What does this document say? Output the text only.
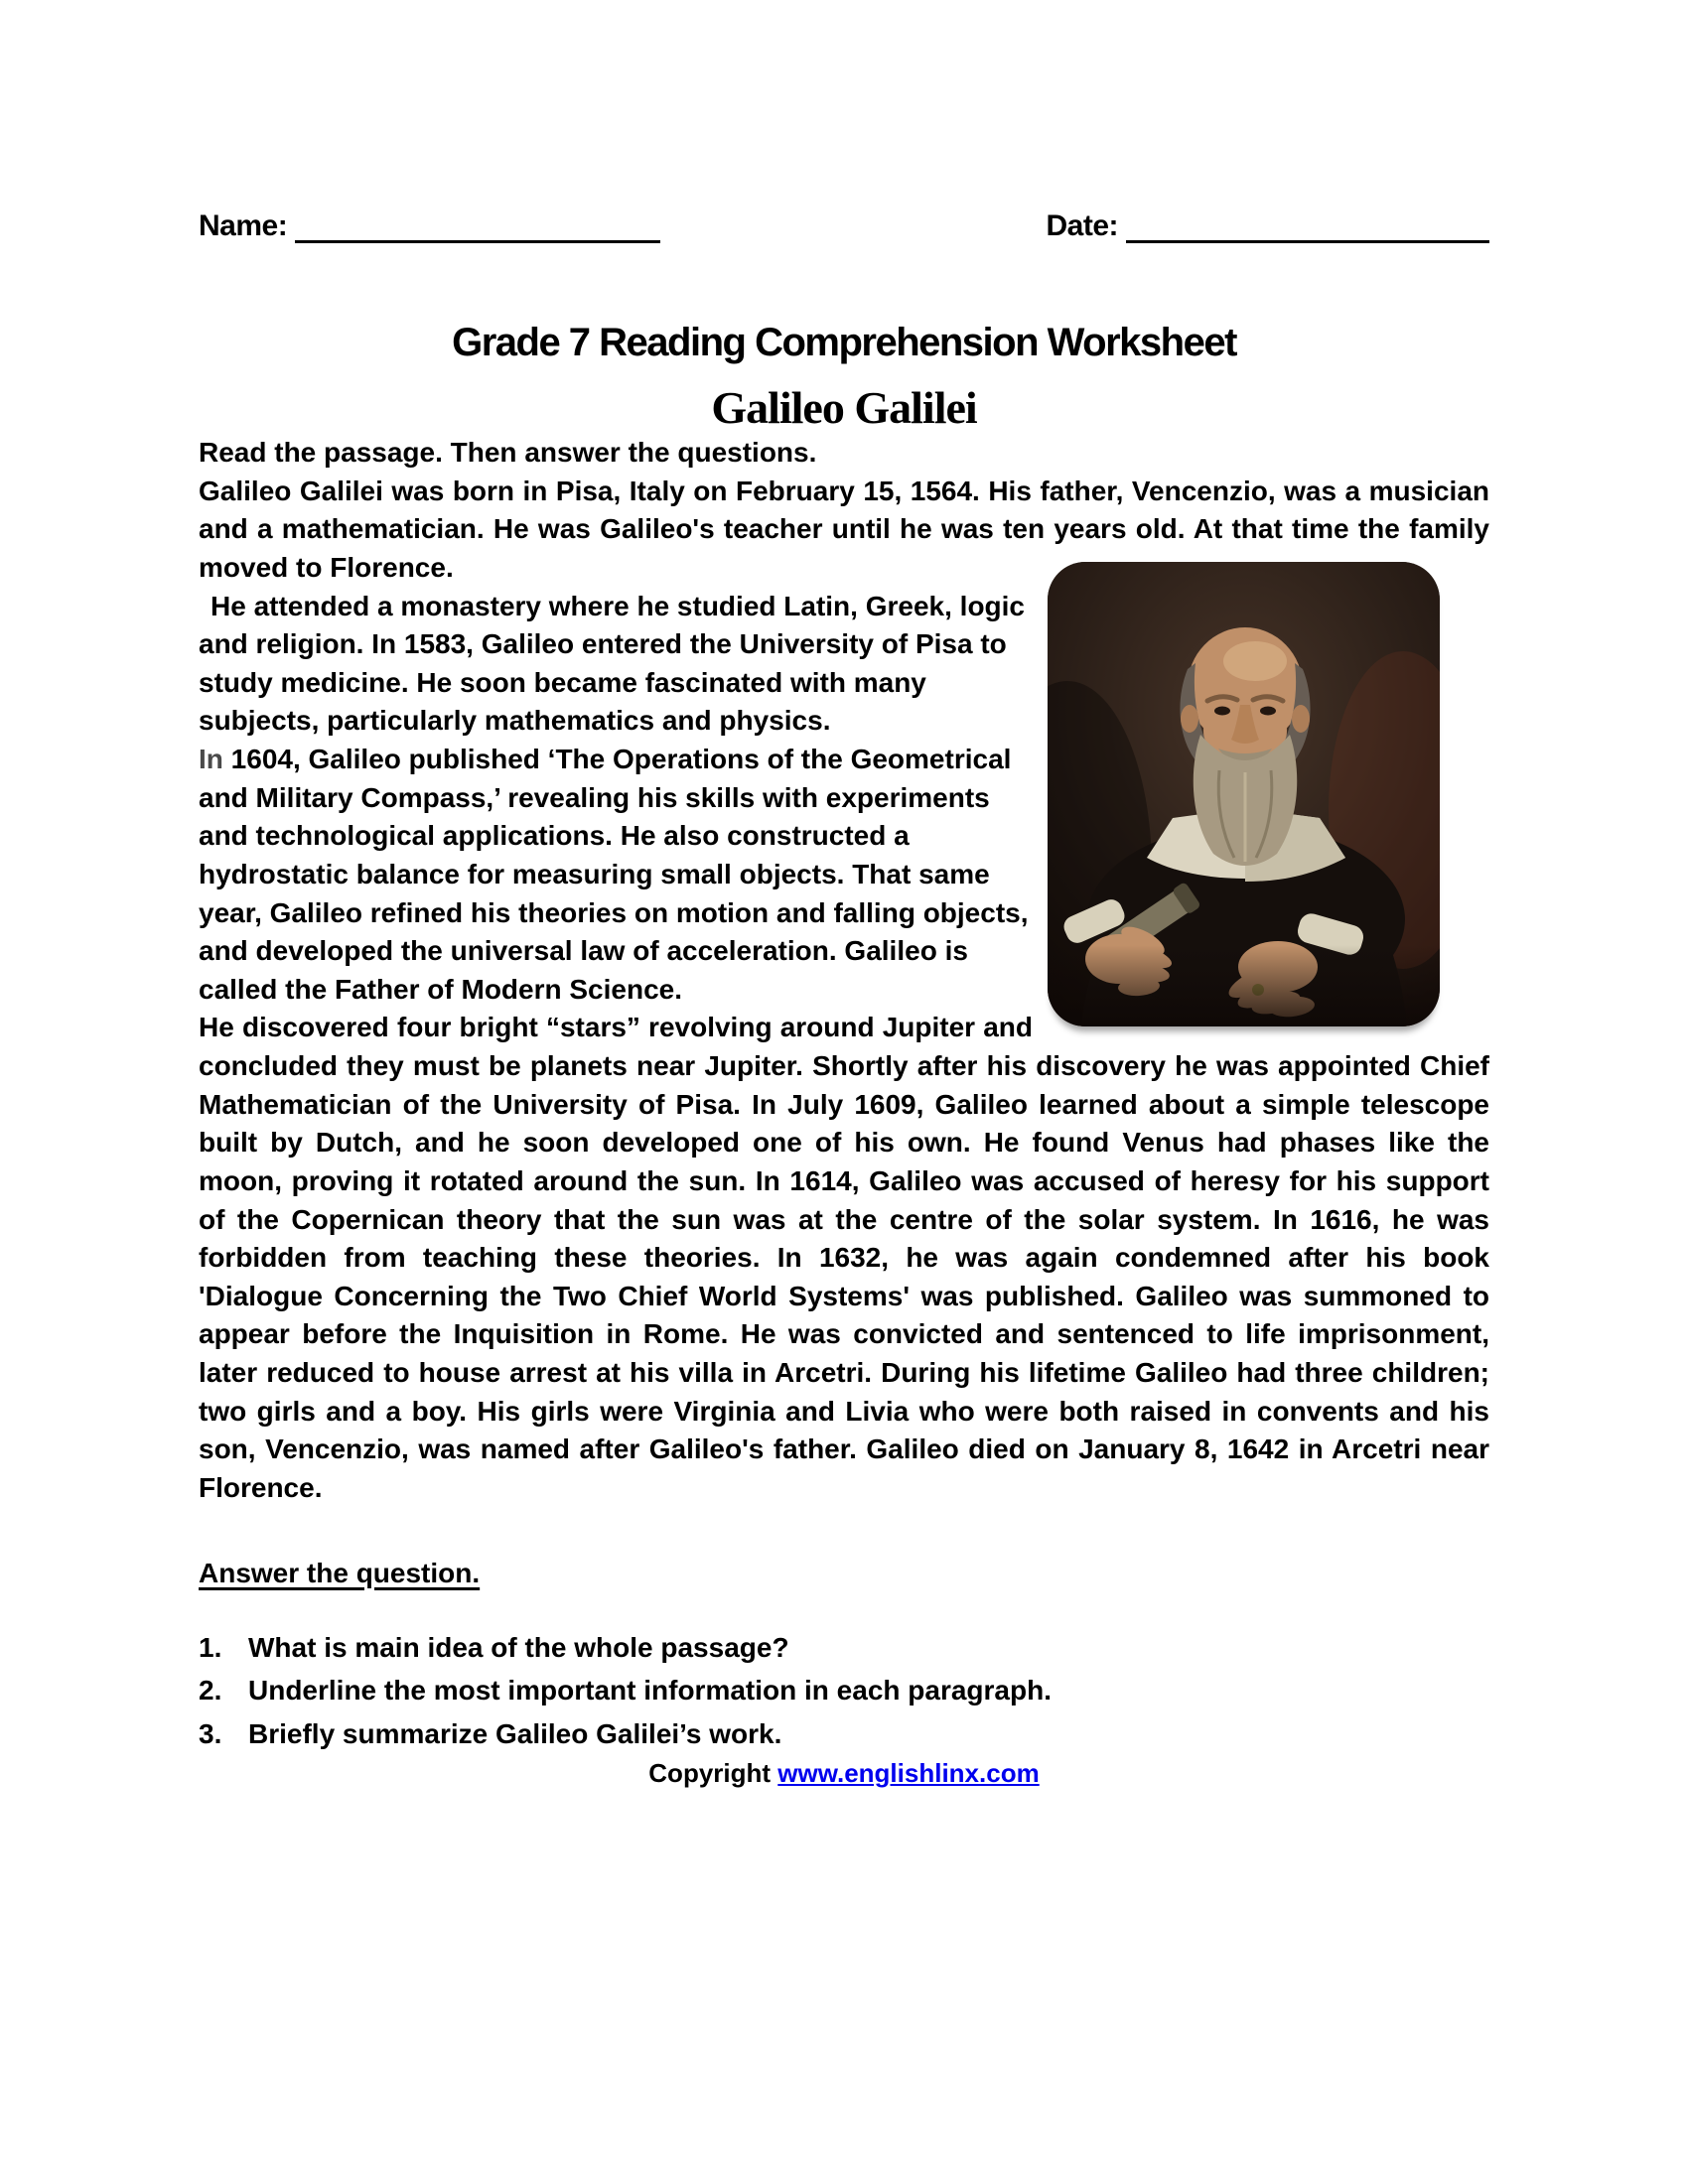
Name:	Date:
Grade 7 Reading Comprehension Worksheet
Galileo Galilei

Read the passage. Then answer the questions.

Galileo Galilei was born in Pisa, Italy on February 15, 1564. His father, Vencenzio, was a musician and a mathematician. He was Galileo's teacher until he was ten years old. At that time the family moved to Florence.

He attended a monastery where he studied Latin, Greek, logic and religion. In 1583, Galileo entered the University of Pisa to study medicine. He soon became fascinated with many subjects, particularly mathematics and physics.

In 1604, Galileo published ‘The Operations of the Geometrical and Military Compass,’ revealing his skills with experiments and technological applications. He also constructed a hydrostatic balance for measuring small objects. That same year, Galileo refined his theories on motion and falling objects, and developed the universal law of acceleration. Galileo is called the Father of Modern Science.

He discovered four bright “stars” revolving around Jupiter and concluded they must be planets near Jupiter. Shortly after his discovery he was appointed Chief Mathematician of the University of Pisa. In July 1609, Galileo learned about a simple telescope built by Dutch, and he soon developed one of his own. He found Venus had phases like the moon, proving it rotated around the sun. In 1614, Galileo was accused of heresy for his support of the Copernican theory that the sun was at the centre of the solar system. In 1616, he was forbidden from teaching these theories. In 1632, he was again condemned after his book 'Dialogue Concerning the Two Chief World Systems' was published. Galileo was summoned to appear before the Inquisition in Rome. He was convicted and sentenced to life imprisonment, later reduced to house arrest at his villa in Arcetri. During his lifetime Galileo had three children; two girls and a boy. His girls were Virginia and Livia who were both raised in convents and his son, Vencenzio, was named after Galileo's father. Galileo died on January 8, 1642 in Arcetri near Florence.

Answer the question.
1. What is main idea of the whole passage?
2. Underline the most important information in each paragraph.
3. Briefly summarize Galileo Galilei’s work.
Copyright www.englishlinx.com
